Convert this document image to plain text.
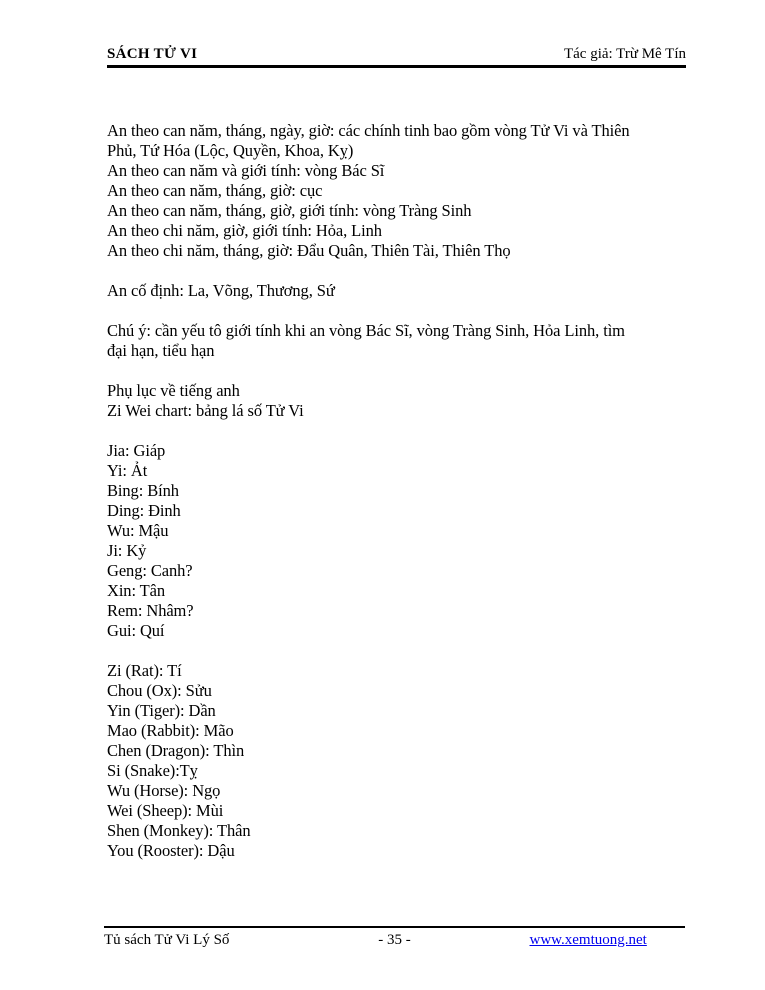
SÁCH TỬ VI	Tác giả: Trừ Mê Tín
An theo can năm, tháng, ngày, giờ: các chính tinh bao gồm vòng Tử Vi và Thiên
Phủ, Tứ Hóa (Lộc, Quyền, Khoa, Kỵ)
An theo can năm và giới tính: vòng Bác Sĩ
An theo can năm, tháng, giờ: cục
An theo can năm, tháng, giờ, giới tính: vòng Tràng Sinh
An theo chi năm, giờ, giới tính: Hỏa, Linh
An theo chi năm, tháng, giờ: Đẩu Quân, Thiên Tài, Thiên Thọ
An cố định: La, Võng, Thương, Sứ
Chú ý: cần yếu tô giới tính khi an vòng Bác Sĩ, vòng Tràng Sinh, Hỏa Linh, tìm
đại hạn, tiểu hạn
Phụ lục về tiếng anh
Zi Wei chart: bảng lá số Tử Vi
Jia: Giáp
Yi: Ảt
Bing: Bính
Ding: Đinh
Wu: Mậu
Ji: Kỷ
Geng: Canh?
Xin: Tân
Rem: Nhâm?
Gui: Quí
Zi (Rat): Tí
Chou (Ox): Sửu
Yin (Tiger): Dần
Mao (Rabbit): Mão
Chen (Dragon): Thìn
Si (Snake):Tỵ
Wu (Horse): Ngọ
Wei (Sheep): Mùi
Shen (Monkey): Thân
You (Rooster): Dậu
Tủ sách Tử Vi Lý Số	- 35 -	www.xemtuong.net
